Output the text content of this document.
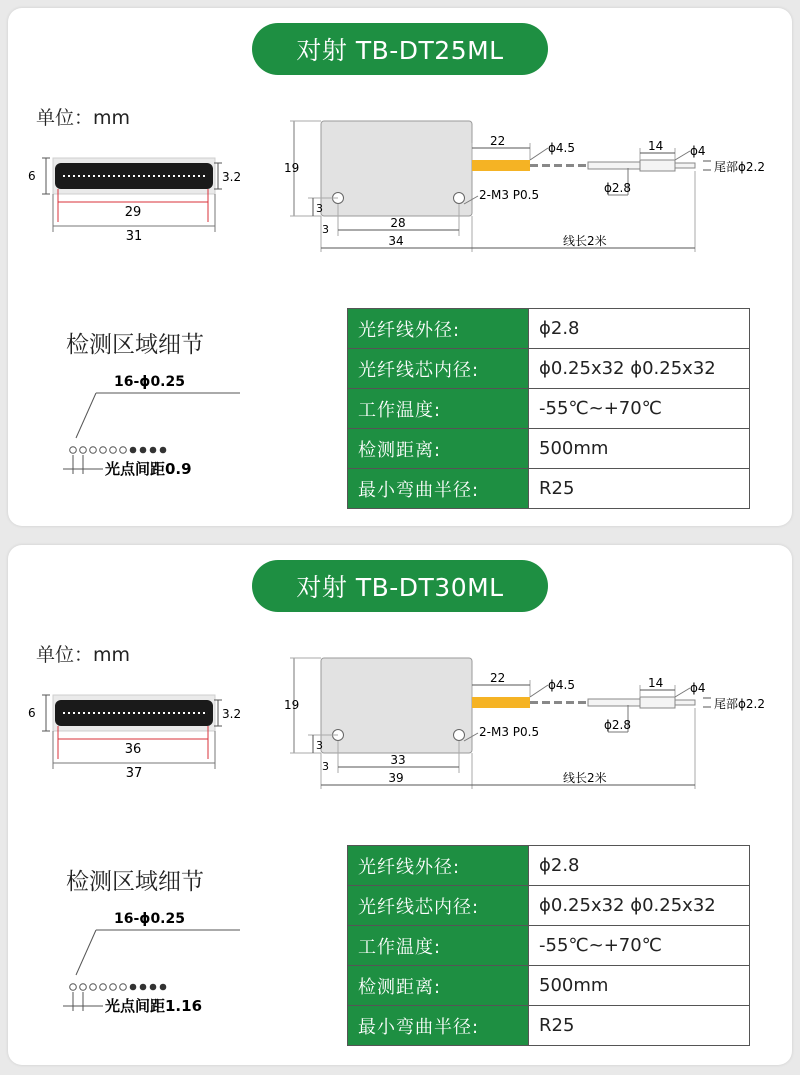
对射 TB-DT25ML
单位：mm
检测区域细节
6	3.2
29
31
19
3
3	28
34	线长2米
2-M3 P0.5
22	ϕ4.5	14 ϕ4
尾部ϕ2.2
ϕ2.8
16-ϕ0.25
光点间距0.9
光纤线外径:	ϕ2.8
光纤线芯内径:	ϕ0.25x32 ϕ0.25x32
工作温度:	-55℃~+70℃
检测距离:	500mm
最小弯曲半径:	R25
对射 TB-DT30ML
单位：mm
检测区域细节
6	3.2
36
37
19
3
3	33
39	线长2米
2-M3 P0.5
22	ϕ4.5	14 ϕ4
尾部ϕ2.2
ϕ2.8
16-ϕ0.25
光点间距1.16
光纤线外径:	ϕ2.8
光纤线芯内径:	ϕ0.25x32 ϕ0.25x32
工作温度:	-55℃~+70℃
检测距离:	500mm
最小弯曲半径:	R25
